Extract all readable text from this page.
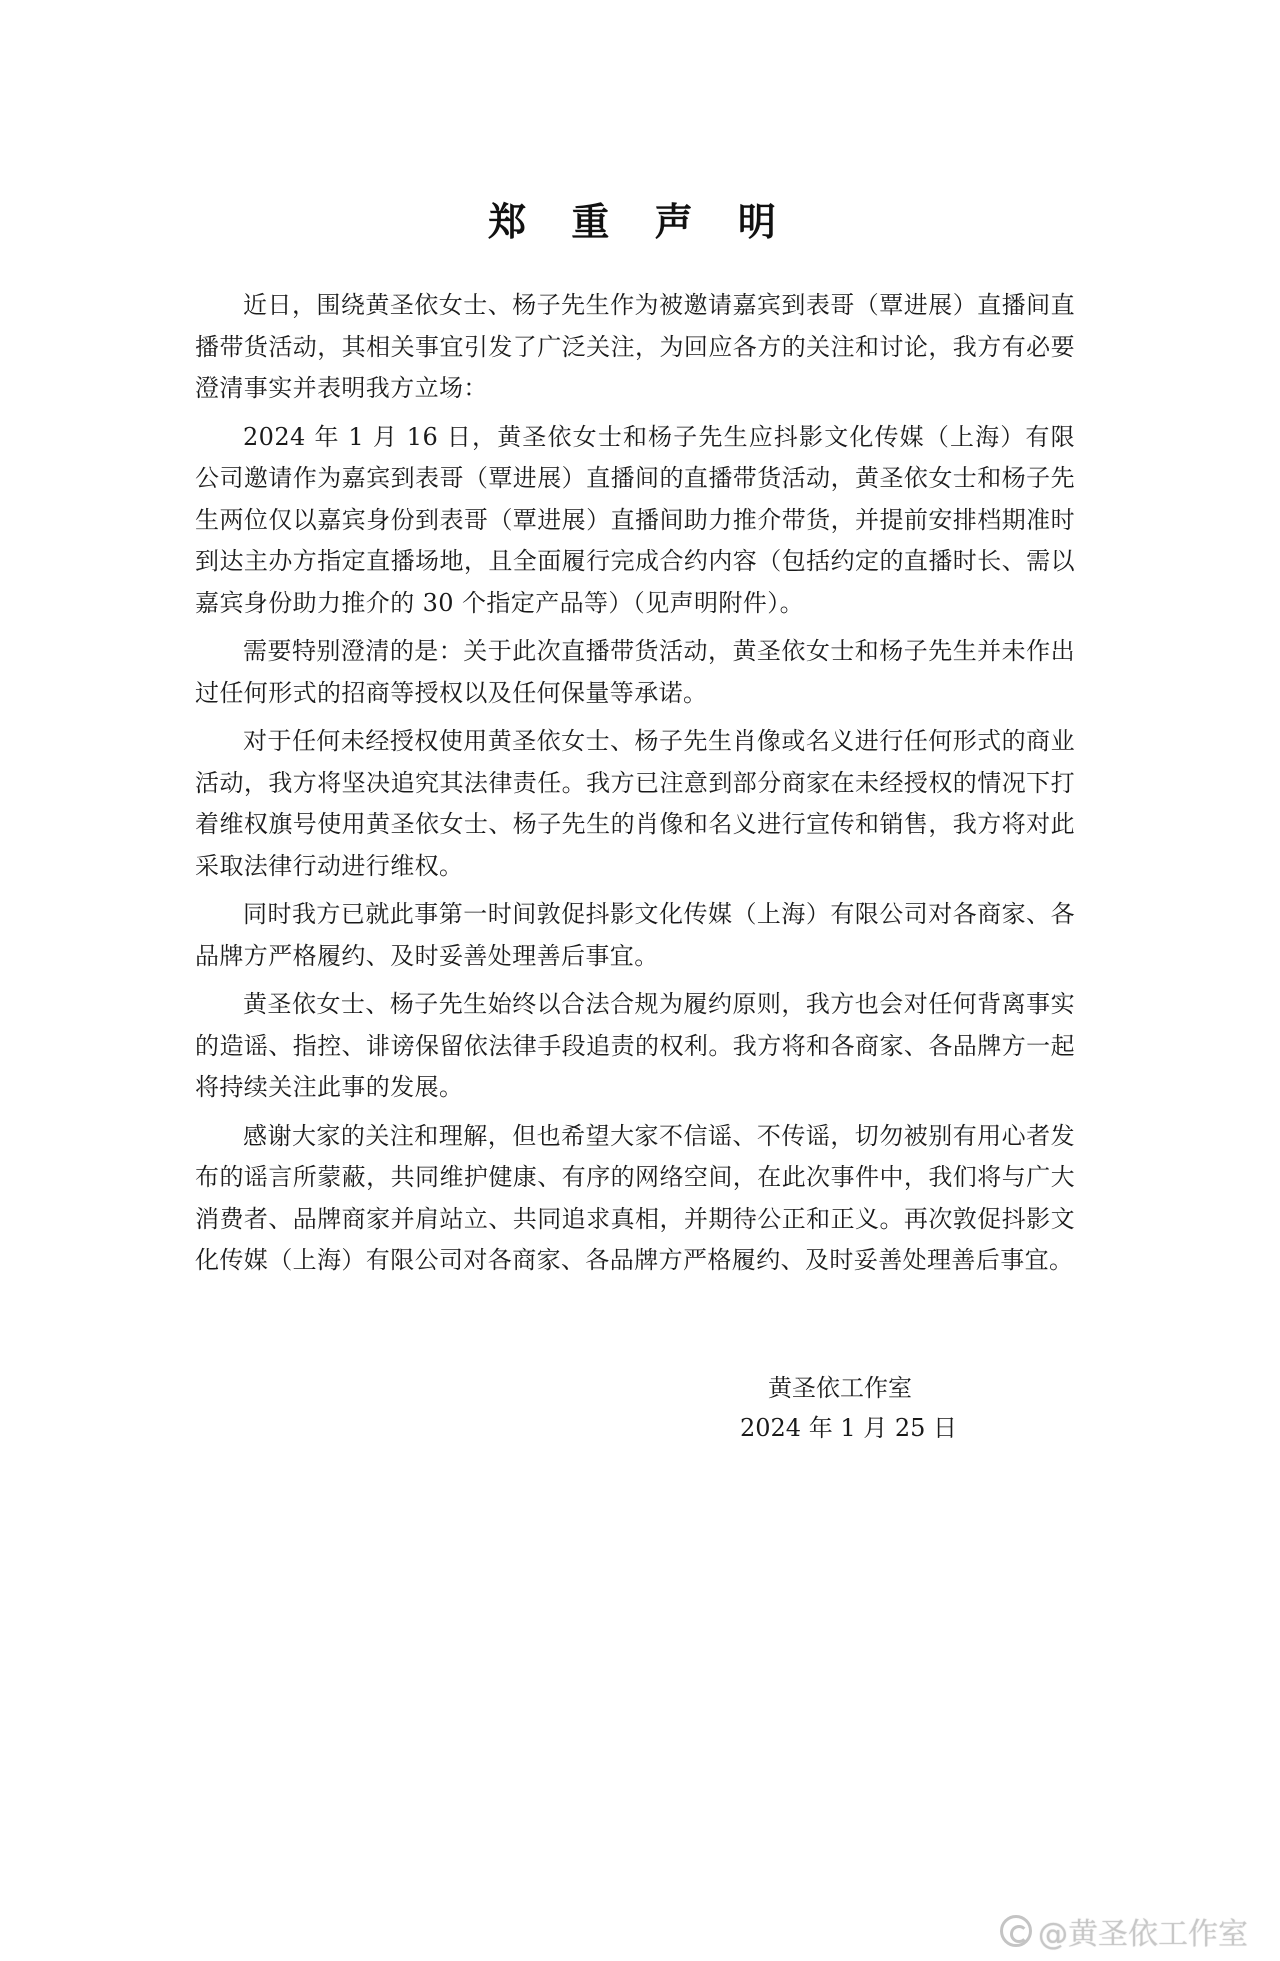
郑 重 声 明

近日，围绕黄圣依女士、杨子先生作为被邀请嘉宾到表哥（覃进展）直播间直播带货活动，其相关事宜引发了广泛关注，为回应各方的关注和讨论，我方有必要澄清事实并表明我方立场：

2024 年 1 月 16 日，黄圣依女士和杨子先生应抖影文化传媒（上海）有限公司邀请作为嘉宾到表哥（覃进展）直播间的直播带货活动，黄圣依女士和杨子先生两位仅以嘉宾身份到表哥（覃进展）直播间助力推介带货，并提前安排档期准时到达主办方指定直播场地，且全面履行完成合约内容（包括约定的直播时长、需以嘉宾身份助力推介的 30 个指定产品等）（见声明附件）。

需要特别澄清的是：关于此次直播带货活动，黄圣依女士和杨子先生并未作出过任何形式的招商等授权以及任何保量等承诺。

对于任何未经授权使用黄圣依女士、杨子先生肖像或名义进行任何形式的商业活动，我方将坚决追究其法律责任。我方已注意到部分商家在未经授权的情况下打着维权旗号使用黄圣依女士、杨子先生的肖像和名义进行宣传和销售，我方将对此采取法律行动进行维权。

同时我方已就此事第一时间敦促抖影文化传媒（上海）有限公司对各商家、各品牌方严格履约、及时妥善处理善后事宜。

黄圣依女士、杨子先生始终以合法合规为履约原则，我方也会对任何背离事实的造谣、指控、诽谤保留依法律手段追责的权利。我方将和各商家、各品牌方一起将持续关注此事的发展。

感谢大家的关注和理解，但也希望大家不信谣、不传谣，切勿被别有用心者发布的谣言所蒙蔽，共同维护健康、有序的网络空间，在此次事件中，我们将与广大消费者、品牌商家并肩站立、共同追求真相，并期待公正和正义。再次敦促抖影文化传媒（上海）有限公司对各商家、各品牌方严格履约、及时妥善处理善后事宜。

黄圣依工作室
2024 年 1 月 25 日
@黄圣依工作室
